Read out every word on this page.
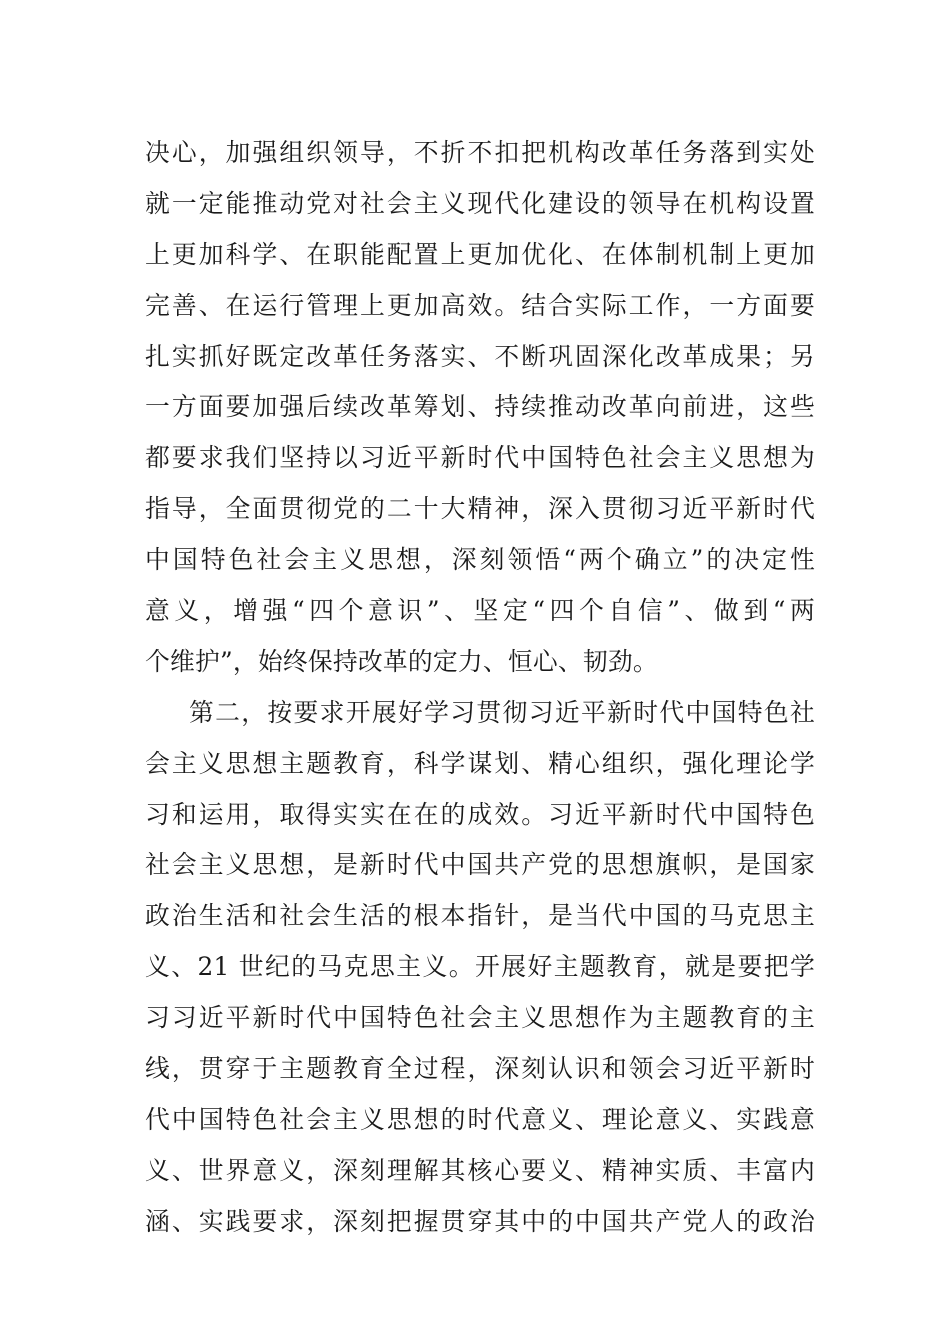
决心，加强组织领导，不折不扣把机构改革任务落到实处
就一定能推动党对社会主义现代化建设的领导在机构设置
上更加科学、在职能配置上更加优化、在体制机制上更加
完善、在运行管理上更加高效。结合实际工作，一方面要
扎实抓好既定改革任务落实、不断巩固深化改革成果；另
一方面要加强后续改革筹划、持续推动改革向前进，这些
都要求我们坚持以习近平新时代中国特色社会主义思想为
指导，全面贯彻党的二十大精神，深入贯彻习近平新时代
中国特色社会主义思想，深刻领悟“两个确立”的决定性
意义，增强“四个意识”、坚定“四个自信”、做到“两
个维护”，始终保持改革的定力、恒心、韧劲。
第二，按要求开展好学习贯彻习近平新时代中国特色社
会主义思想主题教育，科学谋划、精心组织，强化理论学
习和运用，取得实实在在的成效。习近平新时代中国特色
社会主义思想，是新时代中国共产党的思想旗帜，是国家
政治生活和社会生活的根本指针，是当代中国的马克思主
义、21 世纪的马克思主义。开展好主题教育，就是要把学
习习近平新时代中国特色社会主义思想作为主题教育的主
线，贯穿于主题教育全过程，深刻认识和领会习近平新时
代中国特色社会主义思想的时代意义、理论意义、实践意
义、世界意义，深刻理解其核心要义、精神实质、丰富内
涵、实践要求，深刻把握贯穿其中的中国共产党人的政治
